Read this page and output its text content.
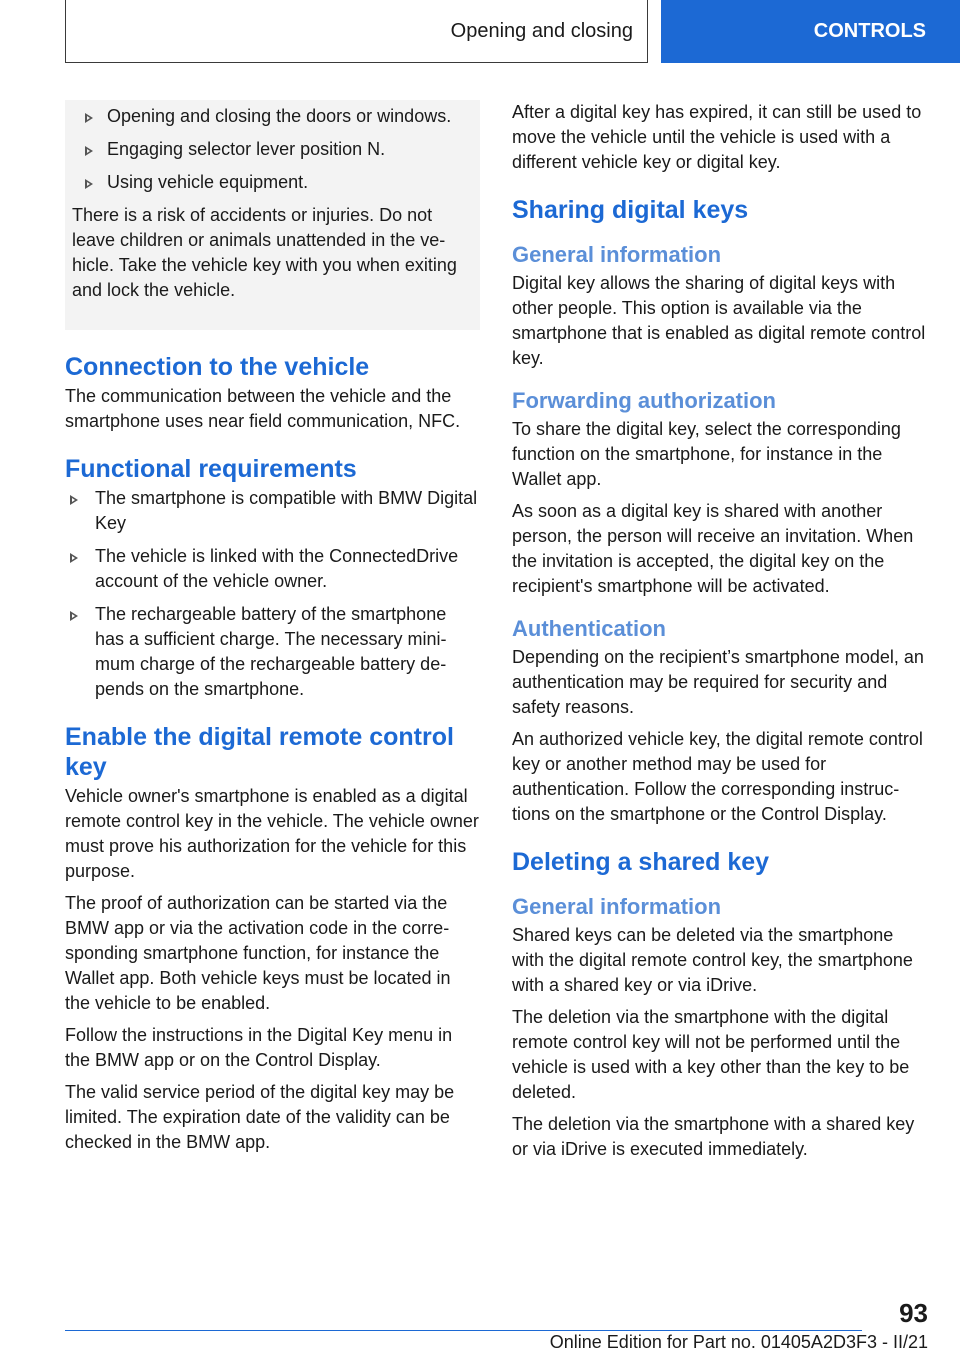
Opening and closing	CONTROLS
Opening and closing the doors or windows.
Engaging selector lever position N.
Using vehicle equipment.

There is a risk of accidents or injuries. Do not leave children or animals unattended in the vehicle. Take the vehicle key with you when exiting and lock the vehicle.

Connection to the vehicle

The communication between the vehicle and the smartphone uses near field communication, NFC.

Functional requirements
The smartphone is compatible with BMW Digital Key
The vehicle is linked with the ConnectedDrive account of the vehicle owner.
The rechargeable battery of the smartphone has a sufficient charge. The necessary minimum charge of the rechargeable battery depends on the smartphone.
Enable the digital remote control key

Vehicle owner's smartphone is enabled as a digital remote control key in the vehicle. The vehicle owner must prove his authorization for the vehicle for this purpose.

The proof of authorization can be started via the BMW app or via the activation code in the corresponding smartphone function, for instance the Wallet app. Both vehicle keys must be located in the vehicle to be enabled.

Follow the instructions in the Digital Key menu in the BMW app or on the Control Display.

The valid service period of the digital key may be limited. The expiration date of the validity can be checked in the BMW app.

After a digital key has expired, it can still be used to move the vehicle until the vehicle is used with a different vehicle key or digital key.

Sharing digital keys
General information

Digital key allows the sharing of digital keys with other people. This option is available via the smartphone that is enabled as digital remote control key.

Forwarding authorization

To share the digital key, select the corresponding function on the smartphone, for instance in the Wallet app.

As soon as a digital key is shared with another person, the person will receive an invitation. When the invitation is accepted, the digital key on the recipient's smartphone will be activated.

Authentication

Depending on the recipient’s smartphone model, an authentication may be required for security and safety reasons.

An authorized vehicle key, the digital remote control key or another method may be used for authentication. Follow the corresponding instructions on the smartphone or the Control Display.

Deleting a shared key
General information

Shared keys can be deleted via the smartphone with the digital remote control key, the smartphone with a shared key or via iDrive.

The deletion via the smartphone with the digital remote control key will not be performed until the vehicle is used with a key other than the key to be deleted.

The deletion via the smartphone with a shared key or via iDrive is executed immediately.

93
Online Edition for Part no. 01405A2D3F3 - II/21
